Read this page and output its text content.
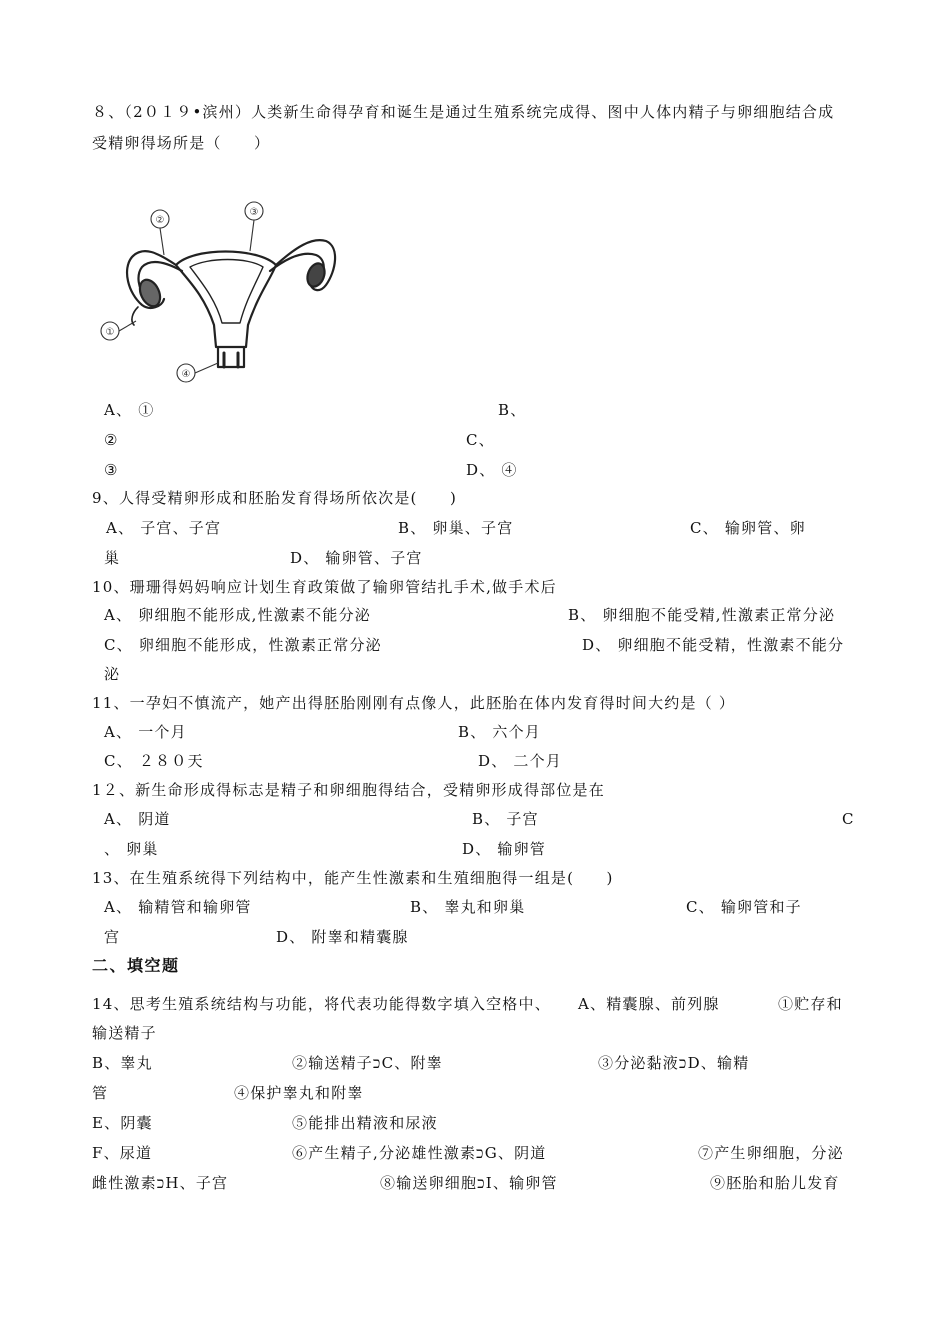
８、（2０１９•滨州）人类新生命得孕育和诞生是通过生殖系统完成得、图中人体内精子与卵细胞结合成
受精卵得场所是（　　）
①
②
③
④
A、 ①	B、
②	C、
③	D、 ④
9、人得受精卵形成和胚胎发育得场所依次是(　　)
A、 子宫、子宫	B、 卵巢、子宫	C、 输卵管、卵
巢	D、 输卵管、子宫
10、珊珊得妈妈响应计划生育政策做了输卵管结扎手术,做手术后
A、 卵细胞不能形成,性激素不能分泌	B、 卵细胞不能受精,性激素正常分泌
C、 卵细胞不能形成，性激素正常分泌	D、 卵细胞不能受精，性激素不能分
泌
11、一孕妇不慎流产，她产出得胚胎刚刚有点像人，此胚胎在体内发育得时间大约是（ ）
A、 一个月	B、 六个月
C、 ２８０天	D、 二个月
1２、新生命形成得标志是精子和卵细胞得结合，受精卵形成得部位是在
A、 阴道	B、 子宫	C
、 卵巢	D、 输卵管
13、在生殖系统得下列结构中，能产生性激素和生殖细胞得一组是(　　)
A、 输精管和输卵管	B、 睾丸和卵巢	C、 输卵管和子
宫	D、 附睾和精囊腺
二、填空题
14、思考生殖系统结构与功能，将代表功能得数字填入空格中、 A、精囊腺、前列腺	①贮存和
输送精子
B、睾丸	②输送精子ﬤC、附睾	③分泌黏液ﬤD、输精
管	④保护睾丸和附睾
E、阴囊	⑤能排出精液和尿液
F、尿道	⑥产生精子,分泌雄性激素ﬤG、阴道	⑦产生卵细胞，分泌
雌性激素ﬤH、子宫	⑧输送卵细胞ﬤI、输卵管	⑨胚胎和胎儿发育
